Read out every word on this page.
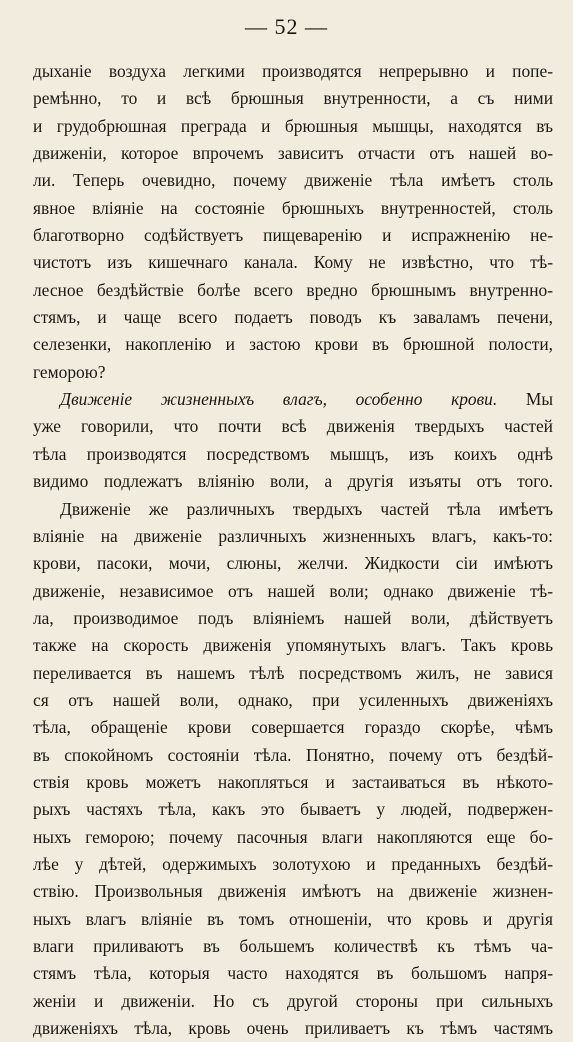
— 52 —
дыханіе воздуха легкими производятся непрерывно и попе-
ремѣнно, то и всѣ брюшныя внутренности, а съ ними
и грудобрюшная преграда и брюшныя мышцы, находятся въ
движеніи, которое впрочемъ зависитъ отчасти отъ нашей во-
ли. Теперь очевидно, почему движеніе тѣла имѣетъ столь
явное вліяніе на состояніе брюшныхъ внутренностей, столь
благотворно содѣйствуетъ пищеваренію и испражненію не-
чистотъ изъ кишечнаго канала. Кому не извѣстно, что тѣ-
лесное бездѣйствіе болѣе всего вредно брюшнымъ внутренно-
стямъ, и чаще всего подаетъ поводъ къ заваламъ печени,
селезенки, накопленію и застою крови въ брюшной полости,
геморою?
Движеніе жизненныхъ влагъ, особенно крови. Мы
уже говорили, что почти всѣ движенія твердыхъ частей
тѣла производятся посредствомъ мышцъ, изъ коихъ однѣ
видимо подлежатъ вліянію воли, а другія изъяты отъ того.
Движеніе же различныхъ твердыхъ частей тѣла имѣетъ
вліяніе на движеніе различныхъ жизненныхъ влагъ, какъ-то:
крови, пасоки, мочи, слюны, желчи. Жидкости сіи имѣютъ
движеніе, независимое отъ нашей воли; однако движеніе тѣ-
ла, производимое подъ вліяніемъ нашей воли, дѣйствуетъ
также на скорость движенія упомянутыхъ влагъ. Такъ кровь
переливается въ нашемъ тѣлѣ посредствомъ жилъ, не завися
ся отъ нашей воли, однако, при усиленныхъ движеніяхъ
тѣла, обращеніе крови совершается гораздо скорѣе, чѣмъ
въ спокойномъ состояніи тѣла. Понятно, почему отъ бездѣй-
ствія кровь можетъ накопляться и застаиваться въ нѣкото-
рыхъ частяхъ тѣла, какъ это бываетъ у людей, подвержен-
ныхъ геморою; почему пасочныя влаги накопляются еще бо-
лѣе у дѣтей, одержимыхъ золотухою и преданныхъ бездѣй-
ствію. Произвольныя движенія имѣютъ на движеніе жизнен-
ныхъ влагъ вліяніе въ томъ отношеніи, что кровь и другія
влаги приливаютъ въ большемъ количествѣ къ тѣмъ ча-
стямъ тѣла, которыя часто находятся въ большомъ напря-
женіи и движеніи. Но съ другой стороны при сильныхъ
движеніяхъ тѣла, кровь очень приливаетъ къ тѣмъ частямъ
